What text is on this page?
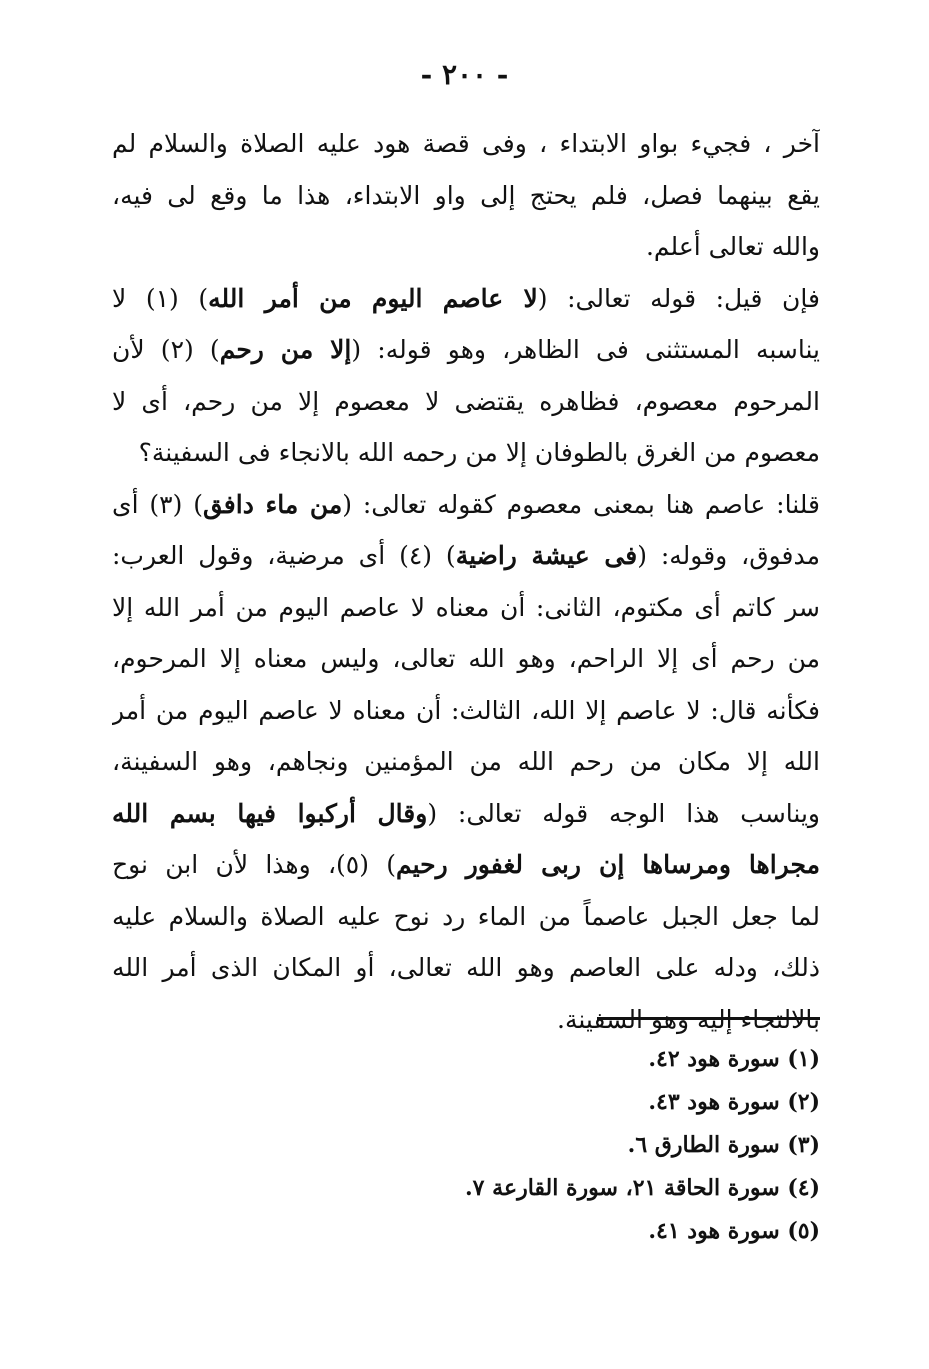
- ٢٠٠ -
آخر ، فجيء بواو الابتداء ، وفى قصة هود عليه الصلاة والسلام لم
يقع بينهما فصل، فلم يحتج إلى واو الابتداء، هذا ما وقع لى فيه،
والله تعالى أعلم.
فإن قيل: قوله تعالى: (لا عاصم اليوم من أمر الله) (١) لا
يناسبه المستثنى فى الظاهر، وهو قوله: (إلا من رحم) (٢) لأن
المرحوم معصوم، فظاهره يقتضى لا معصوم إلا من رحم، أى لا
معصوم من الغرق بالطوفان إلا من رحمه الله بالانجاء فى السفينة؟
قلنا: عاصم هنا بمعنى معصوم كقوله تعالى: (من ماء دافق) (٣) أى
مدفوق، وقوله: (فى عيشة راضية) (٤) أى مرضية، وقول العرب:
سر كاتم أى مكتوم، الثانى: أن معناه لا عاصم اليوم من أمر الله إلا
من رحم أى إلا الراحم، وهو الله تعالى، وليس معناه إلا المرحوم،
فكأنه قال: لا عاصم إلا الله، الثالث: أن معناه لا عاصم اليوم من أمر
الله إلا مكان من رحم الله من المؤمنين ونجاهم، وهو السفينة،
ويناسب هذا الوجه قوله تعالى: (وقال أركبوا فيها بسم الله
مجراها ومرساها إن ربى لغفور رحيم) (٥)، وهذا لأن ابن نوح
لما جعل الجبل عاصماً من الماء رد نوح عليه الصلاة والسلام عليه
ذلك، ودله على العاصم وهو الله تعالى، أو المكان الذى أمر الله
بالالتجاء إليه وهو السفينة.
(١) سورة هود ٤٢.
(٢) سورة هود ٤٣.
(٣) سورة الطارق ٦.
(٤) سورة الحاقة ٢١، سورة القارعة ٧.
(٥) سورة هود ٤١.
